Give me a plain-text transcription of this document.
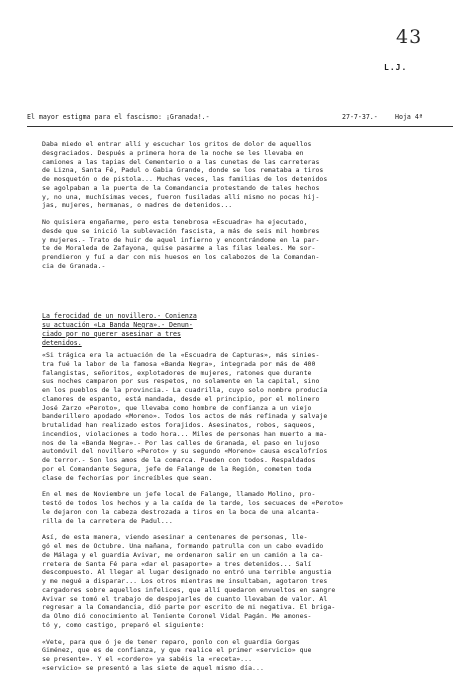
43
L.J.
El mayor estigma para el fascismo: ¡Granada!.-	27-7-37.-	Hoja 4ª
Daba miedo el entrar allí y escuchar los gritos de dolor de aquellos
desgraciados. Después a primera hora de la noche se les llevaba en
camiones a las tapias del Cementerio o a las cunetas de las carreteras
de Lizna, Santa Fé, Padul o Gabia Grande, donde se los remataba a tiros
de mosquetón o de pistola... Muchas veces, las familias de los detenidos
se agolpaban a la puerta de la Comandancia protestando de tales hechos
y, no una, muchísimas veces, fueron fusiladas allí mismo no pocas hij-
jas, mujeres, hermanas, o madres de detenidos...
No quisiera engañarme, pero esta tenebrosa «Escuadra» ha ejecutado,
desde que se inició la sublevación fascista, a más de seis mil hombres
y mujeres.- Trato de huir de aquel infierno y encontrándome en la par-
te de Moraleda de Zafayona, quise pasarme a las filas leales. Me sor-
prendieron y fuí a dar con mis huesos en los calabozos de la Comandan-
cia de Granada.-
La ferocidad de un novillero.- Conienza
su actuación «La Banda Negra».- Denun-
ciado por no querer asesinar a tres
detenidos.
«Si trágica era la actuación de la «Escuadra de Capturas», más sinies-
tra fué la labor de la famosa «Banda Negra», integrada por más de 400
falangistas, señoritos, explotadores de mujeres, ratones que durante
sus noches camparon por sus respetos, no solamente en la capital, sino
en los pueblos de la provincia.- La cuadrilla, cuyo solo nombre producía
clamores de espanto, está mandada, desde el principio, por el molinero
José Zarzo «Peroto», que llevaba como hombre de confianza a un viejo
banderillero apodado «Moreno». Todos los actos de más refinada y salvaje
brutalidad han realizado estos forajidos. Asesinatos, robos, saqueos,
incendios, violaciones a todo hora... Miles de personas han muerto a ma-
nos de la «Banda Negra».- Por las calles de Granada, el paso en lujoso
automóvil del novillero «Peroto» y su segundo «Moreno» causa escalofríos
de terror.- Son los amos de la comarca. Pueden con todos. Respaldados
por el Comandante Segura, jefe de Falange de la Región, cometen toda
clase de fechorías por increíbles que sean.
En el mes de Noviembre un jefe local de Falange, llamado Molino, pro-
testó de todos los hechos y a la caída de la tarde, los secuaces de «Peroto»
le dejaron con la cabeza destrozada a tiros en la boca de una alcanta-
rilla de la carretera de Padul...
Así, de esta manera, viendo asesinar a centenares de personas, lle-
gó el mes de Octubre. Una mañana, formando patrulla con un cabo evadido
de Málaga y el guardia Avivar, me ordenaron salir en un camión a la ca-
rretera de Santa Fé para «dar el pasaporte» a tres detenidos... Salí
descompuesto. Al llegar al lugar designado no entró una terrible angustia
y me negué a disparar... Los otros mientras me insultaban, agotaron tres
cargadores sobre aquellos infelices, que allí quedaron envueltos en sangre
Avivar se tomó el trabajo de despojarles de cuanto llevaban de valor. Al
regresar a la Comandancia, dió parte por escrito de mi negativa. El briga-
da Olmo dió conocimiento al Teniente Coronel Vidal Pagán. Me amones-
tó y, como castigo, preparó el siguiente:
«Vete, para que ó je de tener reparo, ponlo con el guardia Gorgas
Giménez, que es de confianza, y que realice el primer «servicio» que
se presente». Y el «cordero» ya sabéis la «receta»...
«servicio» se presentó a las siete de aquel mismo día...
